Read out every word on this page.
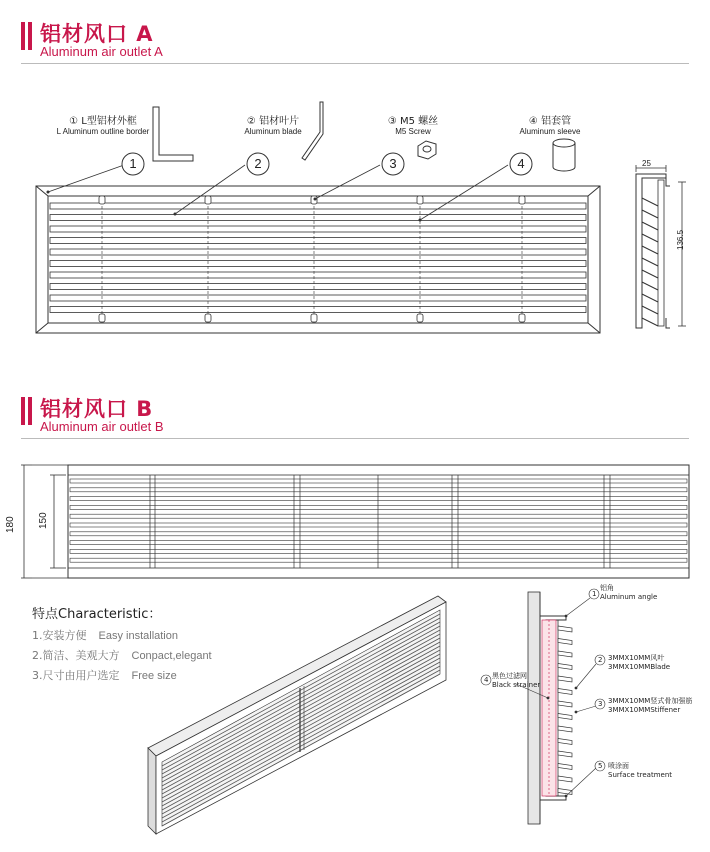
铝材风口 A
Aluminum air outlet A
① L型铝材外框
L Aluminum outline border
② 铝材叶片
Aluminum blade
③ M5 螺丝
M5 Screw
④ 铝套管
Aluminum sleeve
1	2	3	4	25
136.5
铝材风口 B
Aluminum air outlet B
180 150
特点Characteristic：
1.安装方便 Easy installation
2.简洁、美观大方 Conpact,elegant
3.尺寸由用户选定 Free size
1
铝角
Aluminum angle
2 3MMX10MM风叶
3MMX10MMBlade
3 3MMX10MM竖式骨加强筋
3MMX10MMStiffener
4 黑色过滤网
Black strainer
5 喷涂面
Surface treatment
